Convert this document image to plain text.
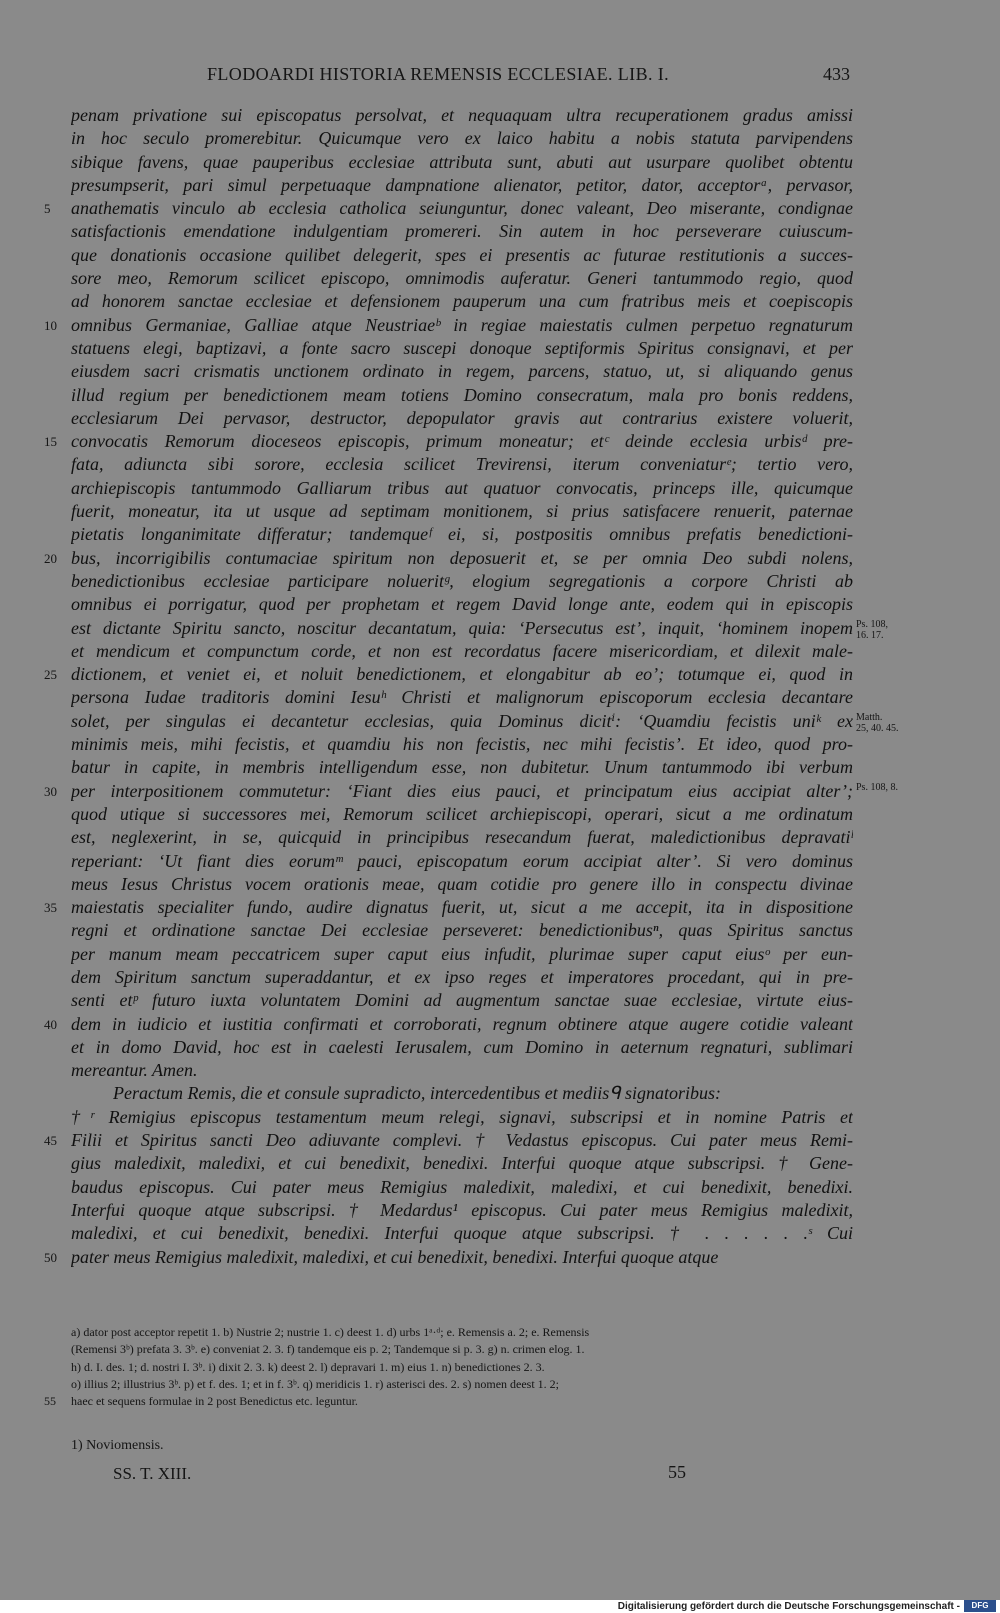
FLODOARDI HISTORIA REMENSIS ECCLESIAE. LIB. I.	433
penam privatione sui episcopatus persolvat, et nequaquam ultra recuperationem gradus amissi
in hoc seculo promerebitur. Quicumque vero ex laico habitu a nobis statuta parvipendens
sibique favens, quae pauperibus ecclesiae attributa sunt, abuti aut usurpare quolibet obtentu
presumpserit, pari simul perpetuaque dampnatione alienator, petitor, dator, acceptorᵃ, pervasor,
5	anathematis vinculo ab ecclesia catholica seiunguntur, donec valeant, Deo miserante, condignae
satisfactionis emendatione indulgentiam promereri. Sin autem in hoc perseverare cuiuscum-
que donationis occasione quilibet delegerit, spes ei presentis ac futurae restitutionis a succes-
sore meo, Remorum scilicet episcopo, omnimodis auferatur. Generi tantummodo regio, quod
ad honorem sanctae ecclesiae et defensionem pauperum una cum fratribus meis et coepiscopis
10 omnibus Germaniae, Galliae atque Neustriaeᵇ in regiae maiestatis culmen perpetuo regnaturum
statuens elegi, baptizavi, a fonte sacro suscepi donoque septiformis Spiritus consignavi, et per
eiusdem sacri crismatis unctionem ordinato in regem, parcens, statuo, ut, si aliquando genus
illud regium per benedictionem meam totiens Domino consecratum, mala pro bonis reddens,
ecclesiarum Dei pervasor, destructor, depopulator gravis aut contrarius existere voluerit,
15 convocatis Remorum dioceseos episcopis, primum moneatur; etᶜ deinde ecclesia urbisᵈ pre-
fata, adiuncta sibi sorore, ecclesia scilicet Trevirensi, iterum conveniaturᵉ; tertio vero,
archiepiscopis tantummodo Galliarum tribus aut quatuor convocatis, princeps ille, quicumque
fuerit, moneatur, ita ut usque ad septimam monitionem, si prius satisfacere renuerit, paternae
pietatis longanimitate differatur; tandemqueᶠ ei, si, postpositis omnibus prefatis benedictioni-
20 bus, incorrigibilis contumaciae spiritum non deposuerit et, se per omnia Deo subdi nolens,
benedictionibus ecclesiae participare nolueritᵍ, elogium segregationis a corpore Christi ab
omnibus ei porrigatur, quod per prophetam et regem David longe ante, eodem qui in episcopis
est dictante Spiritu sancto, noscitur decantatum, quia: ‘Persecutus est’, inquit, ‘hominem inopem
et mendicum et compunctum corde, et non est recordatus facere misericordiam, et dilexit male-
25 dictionem, et veniet ei, et noluit benedictionem, et elongabitur ab eo’; totumque ei, quod in
persona Iudae traditoris domini Iesuʰ Christi et malignorum episcoporum ecclesia decantare
solet, per singulas ei decantetur ecclesias, quia Dominus dicitⁱ: ‘Quamdiu fecistis uniᵏ ex
minimis meis, mihi fecistis, et quamdiu his non fecistis, nec mihi fecistis’. Et ideo, quod pro-
batur in capite, in membris intelligendum esse, non dubitetur. Unum tantummodo ibi verbum
30 per interpositionem commutetur: ‘Fiant dies eius pauci, et principatum eius accipiat alter’;
quod utique si successores mei, Remorum scilicet archiepiscopi, operari, sicut a me ordinatum
est, neglexerint, in se, quicquid in principibus resecandum fuerat, maledictionibus depravatiˡ
reperiant: ‘Ut fiant dies eorumᵐ pauci, episcopatum eorum accipiat alter’. Si vero dominus
meus Iesus Christus vocem orationis meae, quam cotidie pro genere illo in conspectu divinae
35 maiestatis specialiter fundo, audire dignatus fuerit, ut, sicut a me accepit, ita in dispositione
regni et ordinatione sanctae Dei ecclesiae perseveret: benedictionibusⁿ, quas Spiritus sanctus
per manum meam peccatricem super caput eius infudit, plurimae super caput eiusᵒ per eun-
dem Spiritum sanctum superaddantur, et ex ipso reges et imperatores procedant, qui in pre-
senti etᵖ futuro iuxta voluntatem Domini ad augmentum sanctae suae ecclesiae, virtute eius-
40 dem in iudicio et iustitia confirmati et corroborati, regnum obtinere atque augere cotidie valeant
et in domo David, hoc est in caelesti Ierusalem, cum Domino in aeternum regnaturi, sublimari
mereantur. Amen.
Peractum Remis, die et consule supradicto, intercedentibus et mediisᑫ signatoribus:
†ʳ Remigius episcopus testamentum meum relegi, signavi, subscripsi et in nomine Patris et
45 Filii et Spiritus sancti Deo adiuvante complevi. † Vedastus episcopus. Cui pater meus Remi-
gius maledixit, maledixi, et cui benedixit, benedixi. Interfui quoque atque subscripsi. † Gene-
baudus episcopus. Cui pater meus Remigius maledixit, maledixi, et cui benedixit, benedixi.
Interfui quoque atque subscripsi. † Medardus¹ episcopus. Cui pater meus Remigius maledixit,
maledixi, et cui benedixit, benedixi. Interfui quoque atque subscripsi. † . . . . . .ˢ Cui
50 pater meus Remigius maledixit, maledixi, et cui benedixit, benedixi. Interfui quoque atque
a) dator post acceptor repetit 1. b) Nustrie 2; nustrie 1. c) deest 1. d) urbs 1ᵃ·ᵈ; e. Remensis a. 2; e. Remensis
(Remensi 3ᵇ) prefata 3. 3ᵇ. e) conveniat 2. 3. f) tandemque eis p. 2; Tandemque si p. 3. g) n. crimen elog. 1.
h) d. I. des. 1; d. nostri I. 3ᵇ. i) dixit 2. 3. k) deest 2. l) depravari 1. m) eius 1. n) benedictiones 2. 3.
o) illius 2; illustrius 3ᵇ. p) et f. des. 1; et in f. 3ᵇ. q) meridicis 1. r) asterisci des. 2. s) nomen deest 1. 2;
55 haec et sequens formulae in 2 post Benedictus etc. leguntur.
1) Noviomensis.
SS. T. XIII.	55
Ps. 108,
16. 17.
Matth.
25, 40. 45.
Ps. 108, 8.
Digitalisierung gefördert durch die Deutsche Forschungsgemeinschaft -	DFG
